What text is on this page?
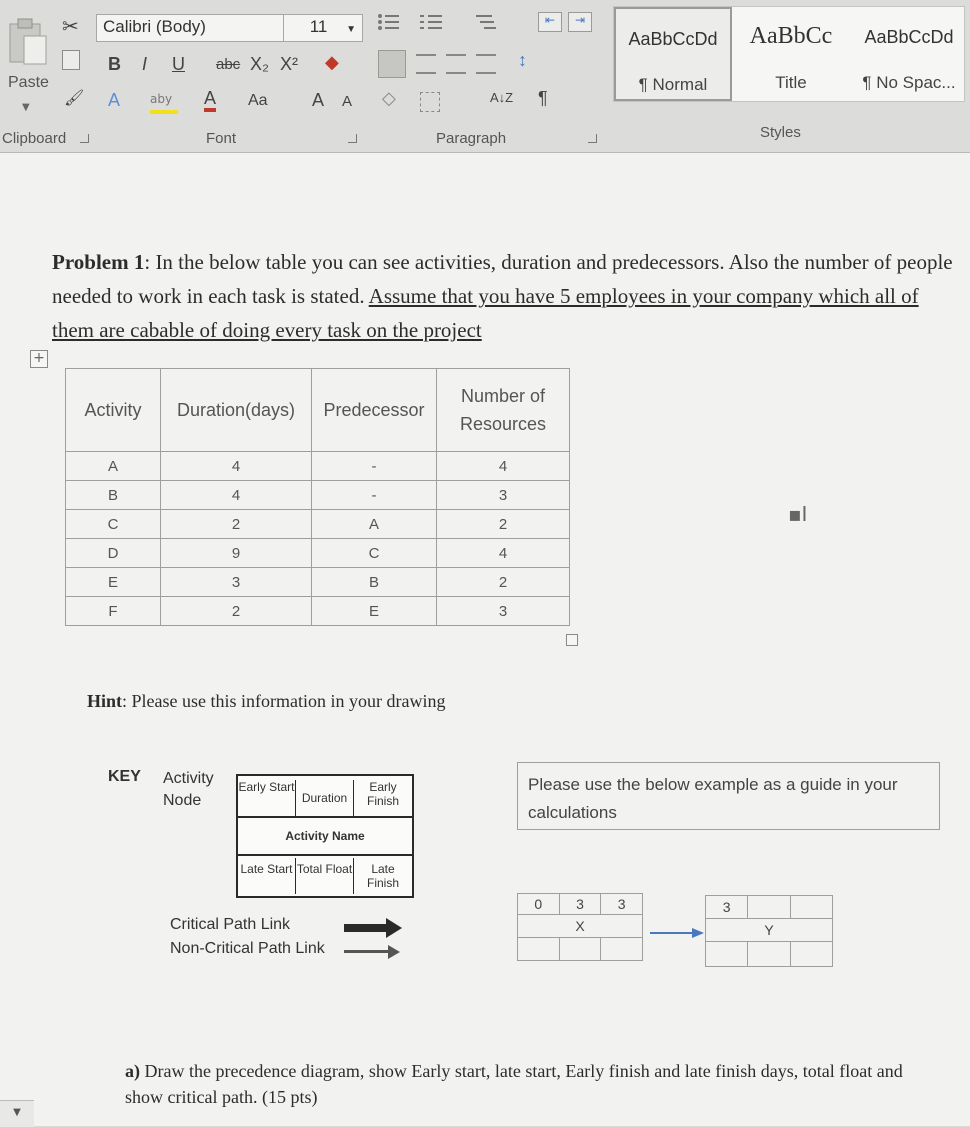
Paste
▼
✂
🖌
Clipboard
Calibri (Body)	11 ▼
◆
B I U abc X₂ X²
A aby	A Aa A A
Font
⇤	⇥
↕
◇	A↓Z ¶
Paragraph
AaBbCcDd
¶ Normal
AaBbCc
Title
AaBbCcDd
¶ No Spac...
Styles
Problem 1: In the below table you can see activities, duration and predecessors. Also the number of people needed to work in each task is stated. Assume that you have 5 employees in your company which all of them are cabable of doing every task on the project
+
Activity	Duration(days)	Predecessor	Number of Resources
A	4	-	4
B	4	-	3
C	2	A	2
D	9	C	4
E	3	B	2
F	2	E	3
▪I
Hint: Please use this information in your drawing
KEY Activity Node
Early Start
Duration
Early Finish
Activity Name
Late Start Total Float	Late Finish
Critical Path Link
Non-Critical Path Link
Please use the below example as a guide in your calculations
0	3	3
X		

3		
Y		

a) Draw the precedence diagram, show Early start, late start, Early finish and late finish days, total float and show critical path. (15 pts)
▼
